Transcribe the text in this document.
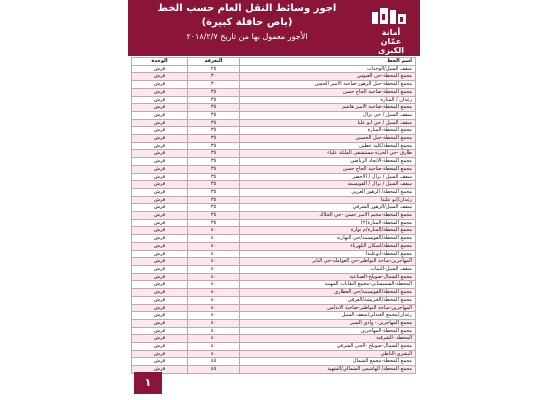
أمانة
عمّان
الكبرى
اجور وسائط النقل العام حسب الخط
(باص حافلة كبيرة)
الأجور معمول بها من تاريخ ٢٠١٨/٢/٧
اسم الخط	التعرفة	الوحدة
سقف السيل/الوحدات	٢٥	قرش
مجمع المحطة-حي العبوس	٣٠	قرش
مجمع المحطة-جبل الزهور-ضاحية الامير الحسن	٣٠	قرش
مجمع المحطة-ضاحية الحاج حسن	٣٥	قرش
رغدان / المنارة	٣٥	قرش
مجمع المحطة-ضاحية الامير هاشم	٣٥	قرش
سقف السيل / حي نزال	٣٥	قرش
سقف السيل / حي ابو عليا	٣٥	قرش
مجمع المحطة-المنارة	٣٥	قرش
مجمع المحطة-جبل الحسين	٣٥	قرش
مجمع المحطة/كلية حطين	٣٥	قرش
طارق -حي الخزنة-مستشفى الملكة علياء	٣٥	قرش
مجمع المحطة-الاتحاد الرياضي	٣٥	قرش
مجمع المحطة-ضاحية الحاج حسن	٣٥	قرش
سقف السيل / نزال / الاخضر	٣٥	قرش
سقف السيل / نزال / القويسمة	٣٥	قرش
مجمع المحطة/ الزهور الغربي	٣٥	قرش
رغدان/ابو علندا	٣٥	قرش
سقف السيل/الزهور الشرقي	٣٥	قرش
مجمع المحطة-مخيم الامير حسن -حي الحلاك	٣٥	قرش
مجمع المحطة-المنارة(٢)	٣٥	قرش
مجمع المحطة/المنارة/م نوارة	٤٠	قرش
مجمع المحطة/القويسمة/حي النهارية	٤٠	قرش
مجمع المحطة/اسكان الكهرباء	٤٠	قرش
مجمع المحطة-ابوعلندا	٤٠	قرش
المهاجرين-ساحة النواظير-حي العوامله-حي البابر	٤٠	قرش
سقف السيل-البنيات	٤٠	قرش
مجمع الشمال-صويلح-الصناعية	٤٠	قرش
المحطة-الشميساني-مجمع النقابات المهنية	٤٠	قرش
مجمع المحطة/القويسمة/حي العطاري	٤٠	قرش
مجمع المحطة/الخريشة/العرقي	٤٠	قرش
المهاجرين-ساحة النواظير-ضاحية الاندلس	٤٠	قرش
رغدان/مجمع العبدلي/سقف السيل	٤٠	قرش
مجمع المهاجرين - وادي السير	٤٠	قرش
مجمع المحطة-المهاجرين	٤٠	قرش
المحطة -الشرقية	٤٠	قرش
مجمع الشمال-صويلح -الحي الشرقي	٤٠	قرش
البشري-الناظي	٤٠	قرش
مجمع المحطة-مجمع الشمال	٤٥	قرش
مجمع المحطة/ الهاشمي الشمالي/الشهيد	٤٥	قرش
١
